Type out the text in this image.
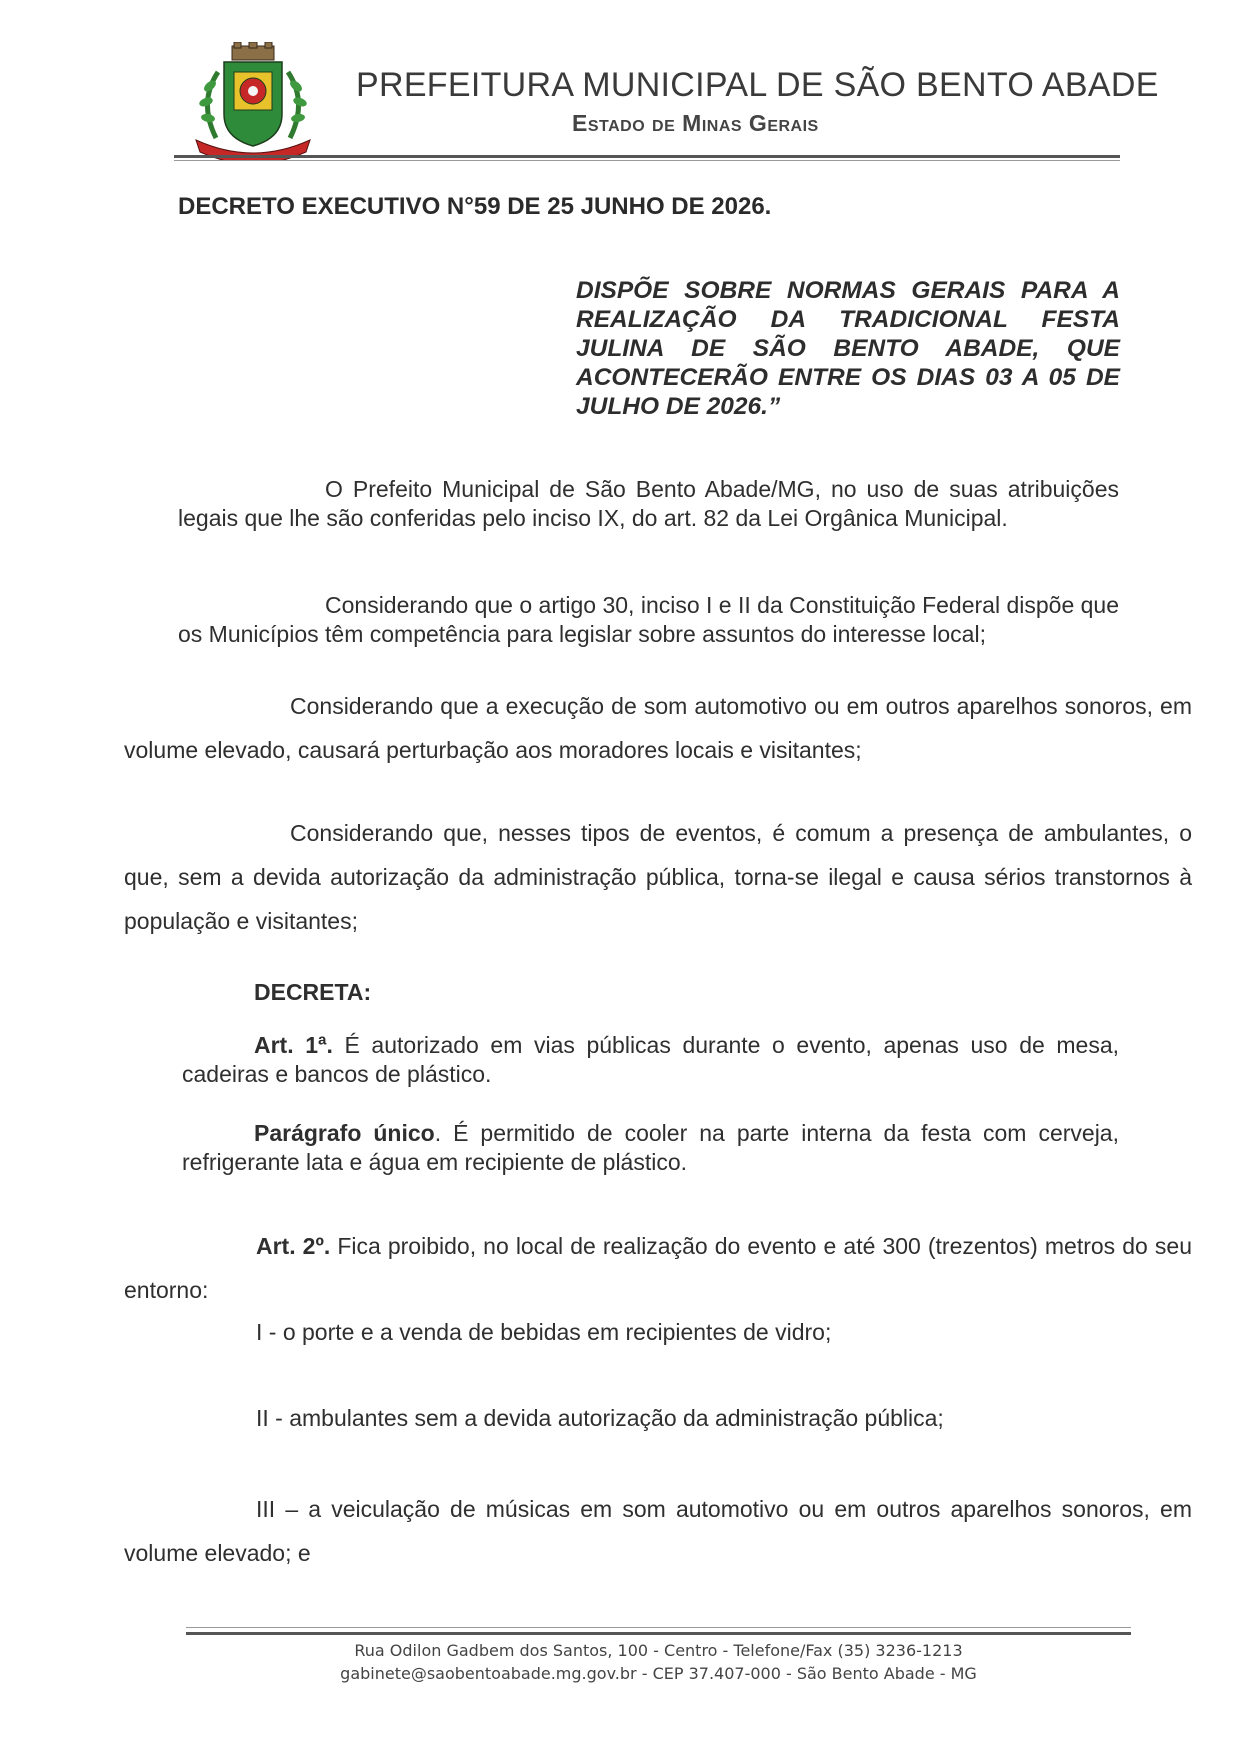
PREFEITURA MUNICIPAL DE SÃO BENTO ABADE
Estado de Minas Gerais
DECRETO EXECUTIVO N°59 DE 25 JUNHO DE 2026.
DISPÕE SOBRE NORMAS GERAIS PARA A REALIZAÇÃO DA TRADICIONAL FESTA JULINA DE SÃO BENTO ABADE, QUE ACONTECERÃO ENTRE OS DIAS 03 A 05 DE JULHO DE 2026.”
O Prefeito Municipal de São Bento Abade/MG, no uso de suas atribuições legais que lhe são conferidas pelo inciso IX, do art. 82 da Lei Orgânica Municipal.
Considerando que o artigo 30, inciso I e II da Constituição Federal dispõe que os Municípios têm competência para legislar sobre assuntos do interesse local;
Considerando que a execução de som automotivo ou em outros aparelhos sonoros, em volume elevado, causará perturbação aos moradores locais e visitantes;
Considerando que, nesses tipos de eventos, é comum a presença de ambulantes, o que, sem a devida autorização da administração pública, torna-se ilegal e causa sérios transtornos à população e visitantes;
DECRETA:
Art. 1ª. É autorizado em vias públicas durante o evento, apenas uso de mesa, cadeiras e bancos de plástico.
Parágrafo único. É permitido de cooler na parte interna da festa com cerveja, refrigerante lata e água em recipiente de plástico.
Art. 2º. Fica proibido, no local de realização do evento e até 300 (trezentos) metros do seu entorno:
I - o porte e a venda de bebidas em recipientes de vidro;
II - ambulantes sem a devida autorização da administração pública;
III – a veiculação de músicas em som automotivo ou em outros aparelhos sonoros, em volume elevado; e
Rua Odilon Gadbem dos Santos, 100 - Centro - Telefone/Fax (35) 3236-1213
gabinete@saobentoabade.mg.gov.br - CEP 37.407-000 - São Bento Abade - MG
